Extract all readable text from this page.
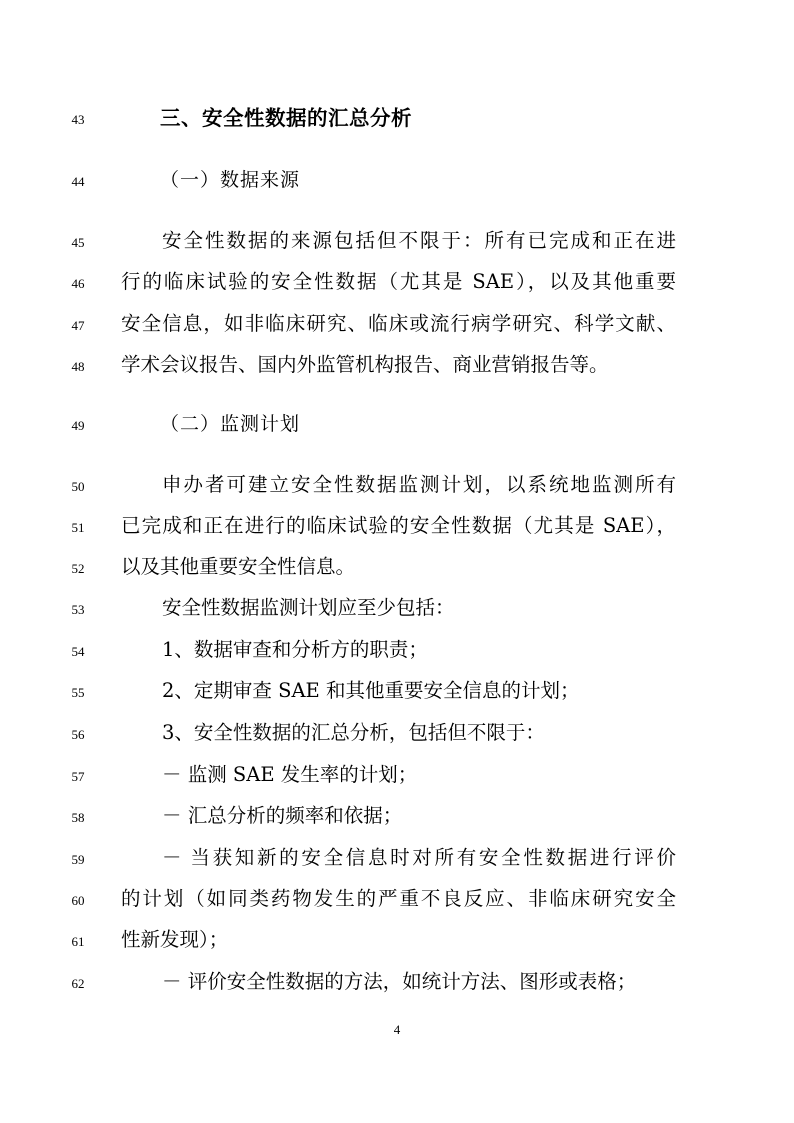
43	三、安全性数据的汇总分析
44	（一）数据来源
45	安全性数据的来源包括但不限于：所有已完成和正在进
46	行的临床试验的安全性数据（尤其是 SAE），以及其他重要
47	安全信息，如非临床研究、临床或流行病学研究、科学文献、
48	学术会议报告、国内外监管机构报告、商业营销报告等。
49	（二）监测计划
50	申办者可建立安全性数据监测计划，以系统地监测所有
51	已完成和正在进行的临床试验的安全性数据（尤其是 SAE），
52	以及其他重要安全性信息。
53	安全性数据监测计划应至少包括：
54	1、数据审查和分析方的职责；
55	2、定期审查 SAE 和其他重要安全信息的计划；
56	3、安全性数据的汇总分析，包括但不限于：
57	－ 监测 SAE 发生率的计划；
58	－ 汇总分析的频率和依据；
59	－ 当获知新的安全信息时对所有安全性数据进行评价
60	的计划（如同类药物发生的严重不良反应、非临床研究安全
61	性新发现）；
62	－ 评价安全性数据的方法，如统计方法、图形或表格；
4
